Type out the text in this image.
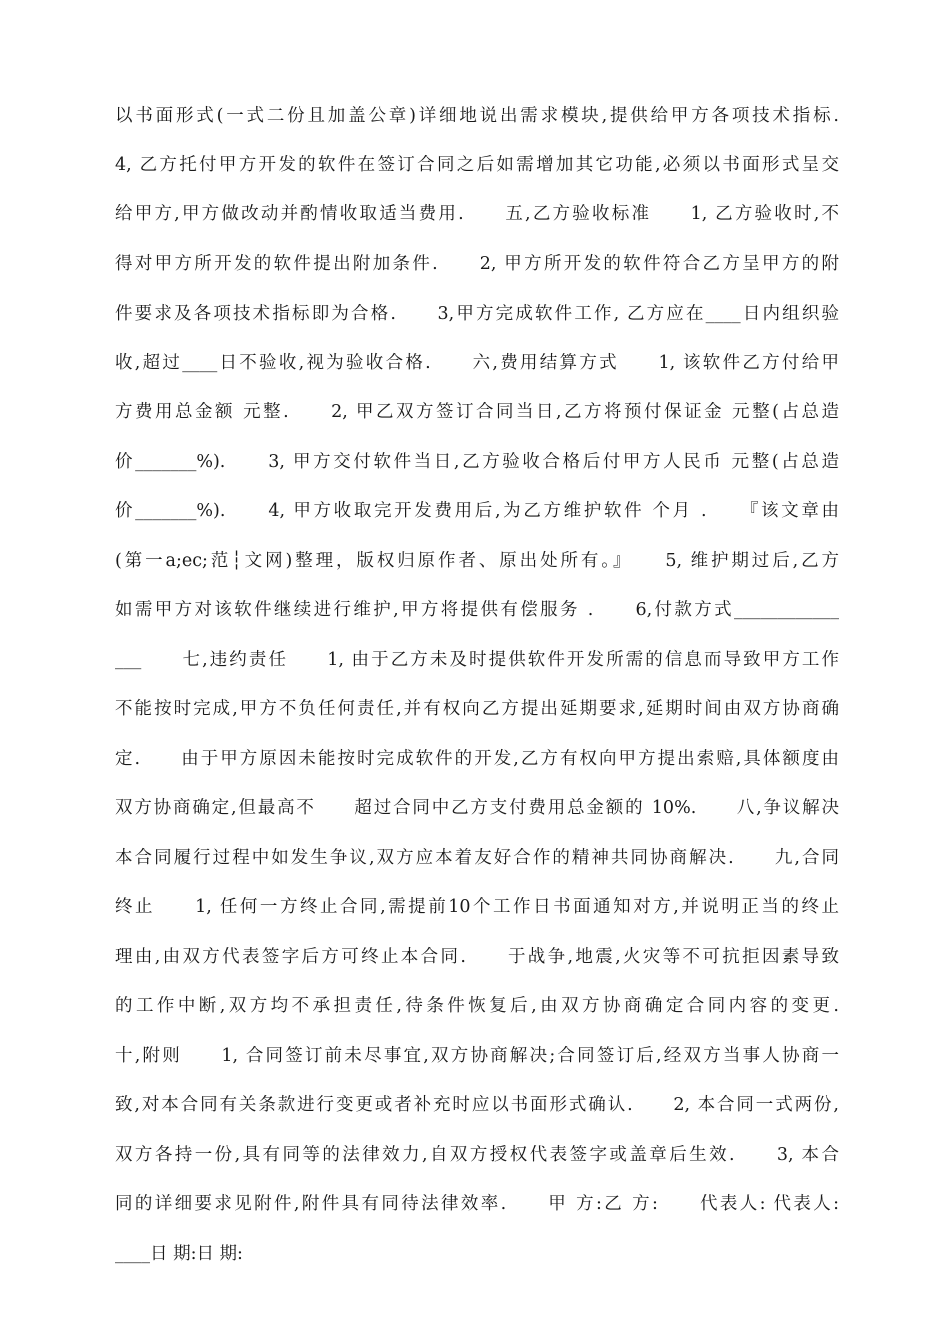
以书面形式(一式二份且加盖公章)详细地说出需求模块,提供给甲方各项技术指标.
4, 乙方托付甲方开发的软件在签订合同之后如需增加其它功能,必须以书面形式呈交
给甲方,甲方做改动并酌情收取适当费用.　　五,乙方验收标准　　1, 乙方验收时,不
得对甲方所开发的软件提出附加条件.　　2, 甲方所开发的软件符合乙方呈甲方的附
件要求及各项技术指标即为合格.　　3,甲方完成软件工作, 乙方应在____日内组织验
收,超过____日不验收,视为验收合格.　　六,费用结算方式　　1, 该软件乙方付给甲
方费用总金额 元整.　　2, 甲乙双方签订合同当日,乙方将预付保证金 元整(占总造
价_______%).　　3, 甲方交付软件当日,乙方验收合格后付甲方人民币 元整(占总造
价_______%).　　4, 甲方收取完开发费用后,为乙方维护软件 个月 .　　『该文章由
(第一a;ec;范┆文网)整理，版权归原作者、原出处所有。』　　5, 维护期过后,乙方
如需甲方对该软件继续进行维护,甲方将提供有偿服务 .　　6,付款方式____________
___　　七,违约责任　　1, 由于乙方未及时提供软件开发所需的信息而导致甲方工作
不能按时完成,甲方不负任何责任,并有权向乙方提出延期要求,延期时间由双方协商确
定.　　由于甲方原因未能按时完成软件的开发,乙方有权向甲方提出索赔,具体额度由
双方协商确定,但最高不　　超过合同中乙方支付费用总金额的 10%.　　八,争议解决
本合同履行过程中如发生争议,双方应本着友好合作的精神共同协商解决.　　九,合同
终止　　1, 任何一方终止合同,需提前10个工作日书面通知对方,并说明正当的终止
理由,由双方代表签字后方可终止本合同.　　于战争,地震,火灾等不可抗拒因素导致
的工作中断,双方均不承担责任,待条件恢复后,由双方协商确定合同内容的变更.
十,附则　　1, 合同签订前未尽事宜,双方协商解决;合同签订后,经双方当事人协商一
致,对本合同有关条款进行变更或者补充时应以书面形式确认.　　2, 本合同一式两份,
双方各持一份,具有同等的法律效力,自双方授权代表签字或盖章后生效.　　3, 本合
同的详细要求见附件,附件具有同待法律效率.　　甲 方:乙 方:　　代表人: 代表人:
____日 期:日 期:
